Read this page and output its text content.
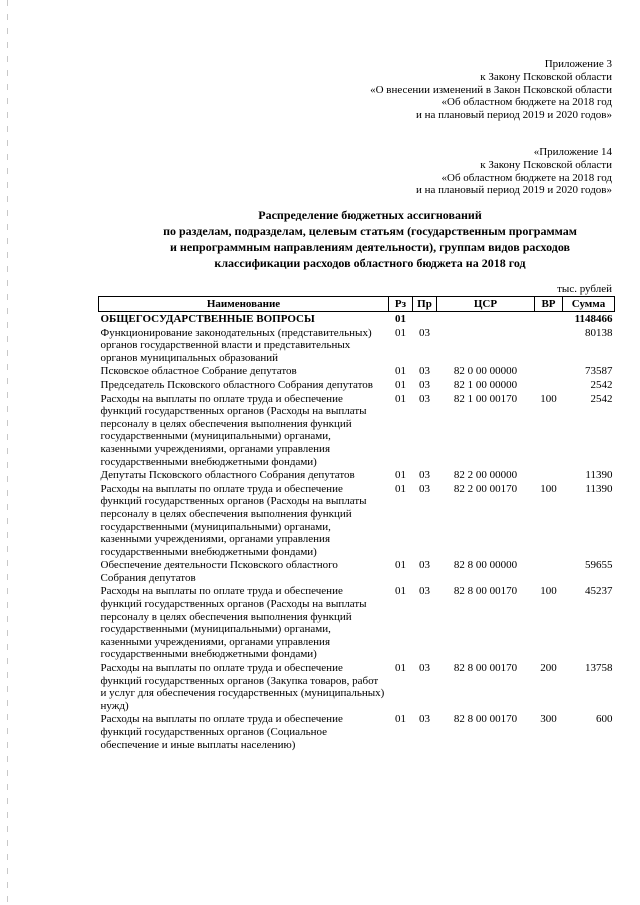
Приложение 3
к Закону Псковской области
«О внесении изменений в Закон Псковской области
«Об областном бюджете на 2018 год
и на плановый период 2019 и 2020 годов»
«Приложение 14
к Закону Псковской области
«Об областном бюджете на 2018 год
и на плановый период 2019 и 2020 годов»
Распределение бюджетных ассигнований
по разделам, подразделам, целевым статьям (государственным программам
и непрограммным направлениям деятельности), группам видов расходов
классификации расходов областного бюджета на 2018 год
тыс. рублей
Наименование	Рз	Пр	ЦСР	ВР	Сумма
ОБЩЕГОСУДАРСТВЕННЫЕ ВОПРОСЫ	01				1148466
Функционирование законодательных (представительных) органов государственной власти и представительных органов муниципальных образований	01	03			80138
Псковское областное Собрание депутатов	01	03	82 0 00 00000		73587
Председатель Псковского областного Собрания депутатов	01	03	82 1 00 00000		2542
Расходы на выплаты по оплате труда и обеспечение функций государственных органов (Расходы на выплаты персоналу в целях обеспечения выполнения функций государственными (муниципальными) органами, казенными учреждениями, органами управления государственными внебюджетными фондами)	01	03	82 1 00 00170	100	2542
Депутаты Псковского областного Собрания депутатов	01	03	82 2 00 00000		11390
Расходы на выплаты по оплате труда и обеспечение функций государственных органов (Расходы на выплаты персоналу в целях обеспечения выполнения функций государственными (муниципальными) органами, казенными учреждениями, органами управления государственными внебюджетными фондами)	01	03	82 2 00 00170	100	11390
Обеспечение деятельности Псковского областного Собрания депутатов	01	03	82 8 00 00000		59655
Расходы на выплаты по оплате труда и обеспечение функций государственных органов (Расходы на выплаты персоналу в целях обеспечения выполнения функций государственными (муниципальными) органами, казенными учреждениями, органами управления государственными внебюджетными фондами)	01	03	82 8 00 00170	100	45237
Расходы на выплаты по оплате труда и обеспечение функций государственных органов (Закупка товаров, работ и услуг для обеспечения государственных (муниципальных) нужд)	01	03	82 8 00 00170	200	13758
Расходы на выплаты по оплате труда и обеспечение функций государственных органов (Социальное обеспечение и иные выплаты населению)	01	03	82 8 00 00170	300	600
